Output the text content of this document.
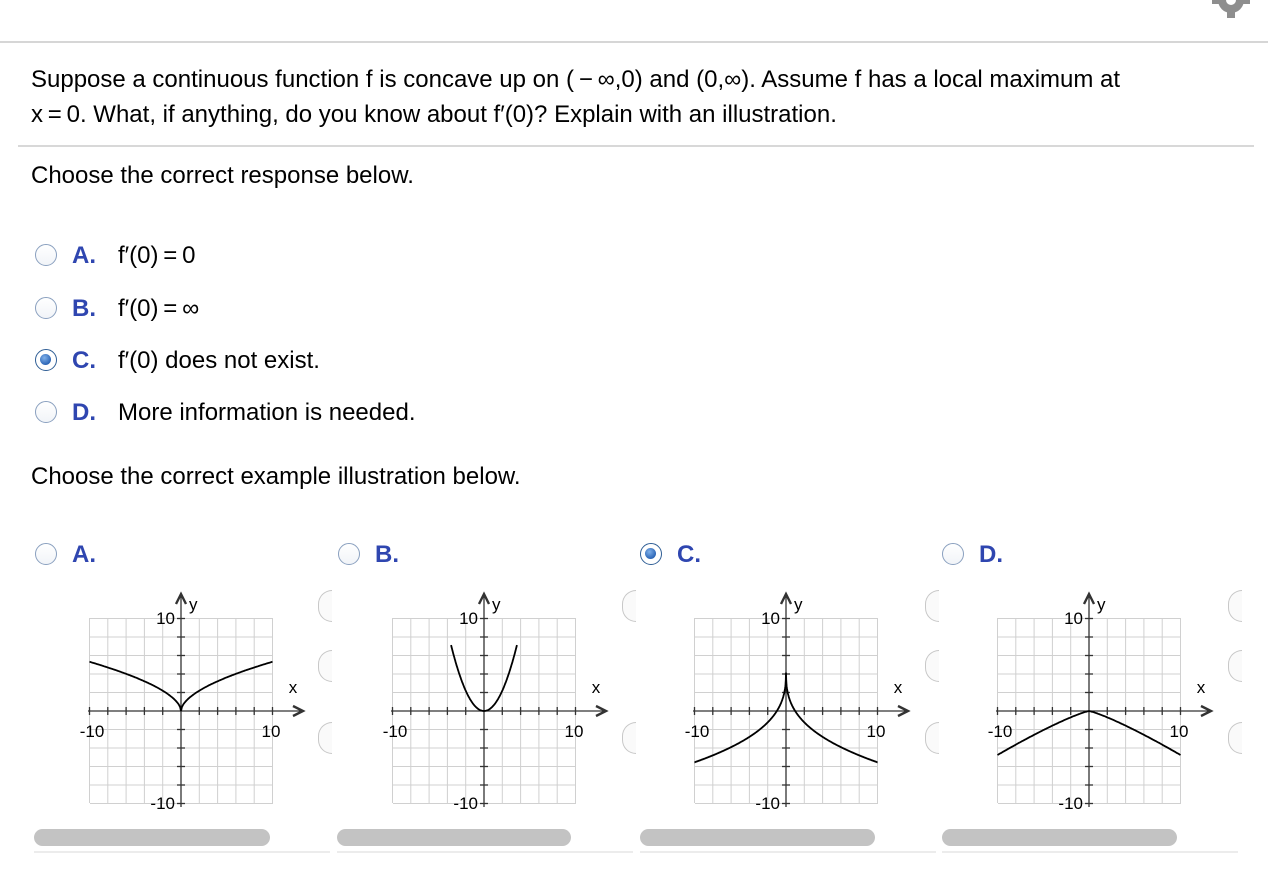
Suppose a continuous function f is concave up on ( − ∞,0) and (0,∞). Assume f has a local maximum at
x = 0. What, if anything, do you know about f′(0)? Explain with an illustration.
Choose the correct response below.
A. f′(0) = 0
B. f′(0) = ∞
C. f′(0) does not exist.
D. More information is needed.
Choose the correct example illustration below.
A.	B.	C.	D.
y
x
10
-10
-10	10
y
x
10
-10
-10	10
y
x
10
-10
-10	10
y
x
10
-10
-10	10
